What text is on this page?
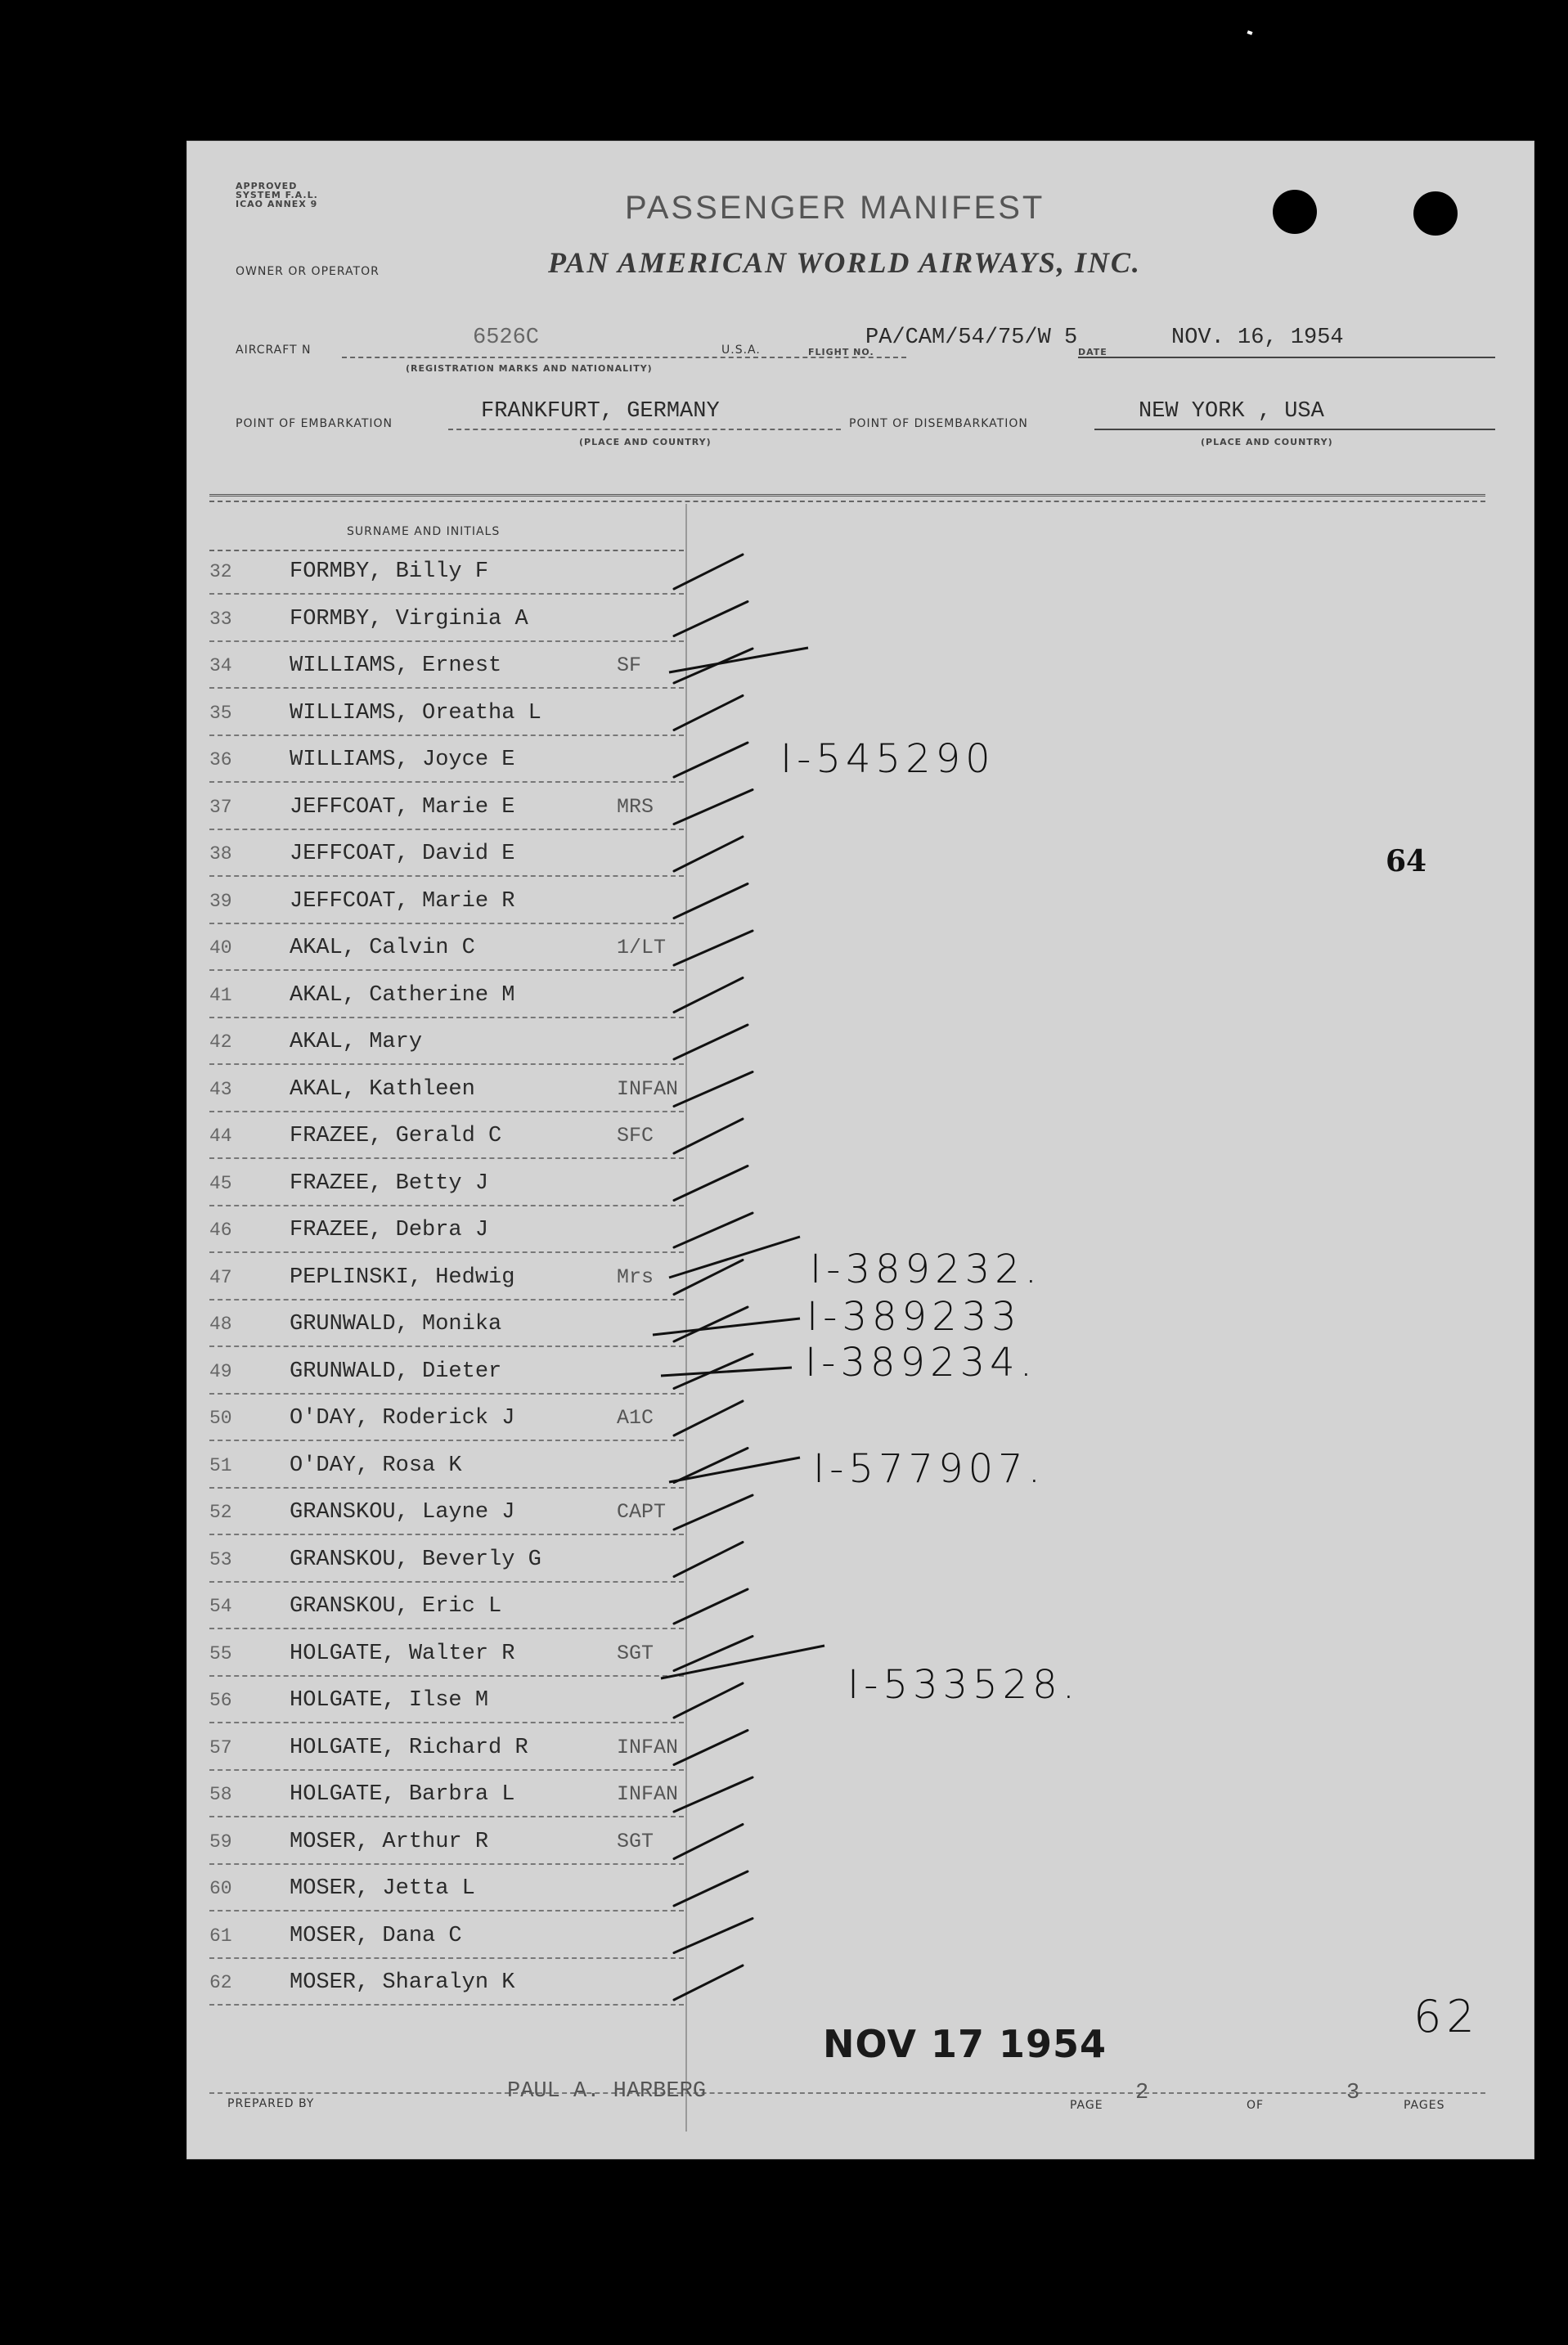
APPROVED
SYSTEM F.A.L.
ICAO ANNEX 9	PASSENGER MANIFEST
OWNER OR OPERATOR	PAN AMERICAN WORLD AIRWAYS, INC.
AIRCRAFT N	6526C
(REGISTRATION MARKS AND NATIONALITY)
U.S.A.	FLIGHT NO.
PA/CAM/54/75/W 5
DATE
NOV. 16, 1954
POINT OF EMBARKATION	FRANKFURT, GERMANY
(PLACE AND COUNTRY)
POINT OF DISEMBARKATION	NEW YORK , USA
(PLACE AND COUNTRY)
SURNAME AND INITIALS
32	FORMBY, Billy F
33	FORMBY, Virginia A
34	WILLIAMS, Ernest	SF
35	WILLIAMS, Oreatha L
36	WILLIAMS, Joyce E
37	JEFFCOAT, Marie E	MRS
38	JEFFCOAT, David E
39	JEFFCOAT, Marie R
40	AKAL, Calvin C	1/LT
41	AKAL, Catherine M
42	AKAL, Mary
43	AKAL, Kathleen	INFAN
44	FRAZEE, Gerald C	SFC
45	FRAZEE, Betty J
46	FRAZEE, Debra J
47	PEPLINSKI, Hedwig	Mrs
48	GRUNWALD, Monika
49	GRUNWALD, Dieter
50	O'DAY, Roderick J	A1C
51	O'DAY, Rosa K
52	GRANSKOU, Layne J	CAPT
53	GRANSKOU, Beverly G
54	GRANSKOU, Eric L
55	HOLGATE, Walter R	SGT
56	HOLGATE, Ilse M
57	HOLGATE, Richard R	INFAN
58	HOLGATE, Barbra L	INFAN
59	MOSER, Arthur R	SGT
60	MOSER, Jetta L
61	MOSER, Dana C
62	MOSER, Sharalyn K
I-545290
I-389232.
I-389233
I-389234.
I-577907.
I-533528.
64
NOV 17 1954
62
PREPARED BY	PAUL A. HARBERG
PAGE 2	OF	3	PAGES
